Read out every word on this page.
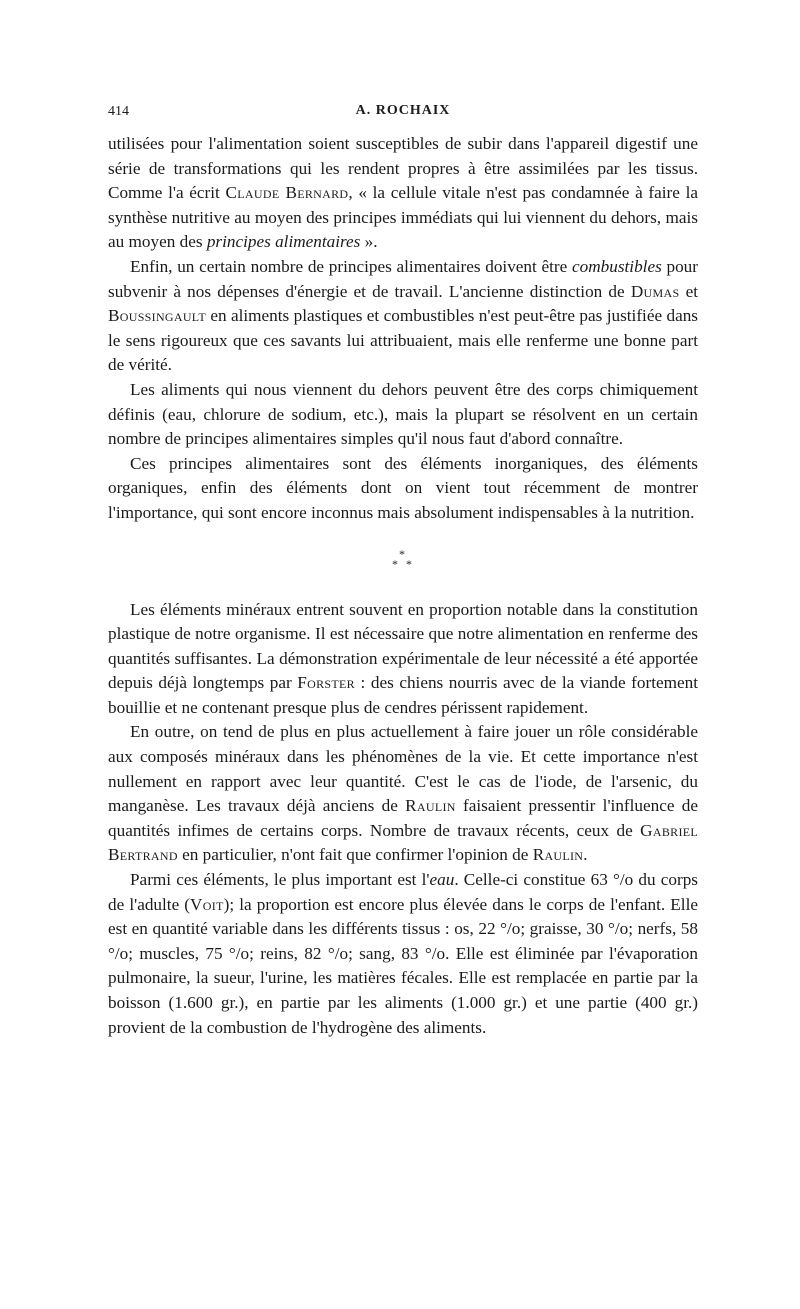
414	A. ROCHAIX

utilisées pour l'alimentation soient susceptibles de subir dans l'appareil digestif une série de transformations qui les rendent propres à être assimilées par les tissus. Comme l'a écrit Claude Bernard, « la cellule vitale n'est pas condamnée à faire la synthèse nutritive au moyen des principes immédiats qui lui viennent du dehors, mais au moyen des principes alimentaires ».

Enfin, un certain nombre de principes alimentaires doivent être combustibles pour subvenir à nos dépenses d'énergie et de travail. L'ancienne distinction de Dumas et Boussingault en aliments plastiques et combustibles n'est peut-être pas justifiée dans le sens rigoureux que ces savants lui attribuaient, mais elle renferme une bonne part de vérité.

Les aliments qui nous viennent du dehors peuvent être des corps chimiquement définis (eau, chlorure de sodium, etc.), mais la plupart se résolvent en un certain nombre de principes alimentaires simples qu'il nous faut d'abord connaître.

Ces principes alimentaires sont des éléments inorganiques, des éléments organiques, enfin des éléments dont on vient tout récemment de montrer l'importance, qui sont encore inconnus mais absolument indispensables à la nutrition.

*
* *

Les éléments minéraux entrent souvent en proportion notable dans la constitution plastique de notre organisme. Il est nécessaire que notre alimentation en renferme des quantités suffisantes. La démonstration expérimentale de leur nécessité a été apportée depuis déjà longtemps par Forster : des chiens nourris avec de la viande fortement bouillie et ne contenant presque plus de cendres périssent rapidement.

En outre, on tend de plus en plus actuellement à faire jouer un rôle considérable aux composés minéraux dans les phénomènes de la vie. Et cette importance n'est nullement en rapport avec leur quantité. C'est le cas de l'iode, de l'arsenic, du manganèse. Les travaux déjà anciens de Raulin faisaient pressentir l'influence de quantités infimes de certains corps. Nombre de travaux récents, ceux de Gabriel Bertrand en particulier, n'ont fait que confirmer l'opinion de Raulin.

Parmi ces éléments, le plus important est l'eau. Celle-ci constitue 63 °/o du corps de l'adulte (Voit); la proportion est encore plus élevée dans le corps de l'enfant. Elle est en quantité variable dans les différents tissus : os, 22 °/o; graisse, 30 °/o; nerfs, 58 °/o; muscles, 75 °/o; reins, 82 °/o; sang, 83 °/o. Elle est éliminée par l'évaporation pulmonaire, la sueur, l'urine, les matières fécales. Elle est remplacée en partie par la boisson (1.600 gr.), en partie par les aliments (1.000 gr.) et une partie (400 gr.) provient de la combustion de l'hydrogène des aliments.
